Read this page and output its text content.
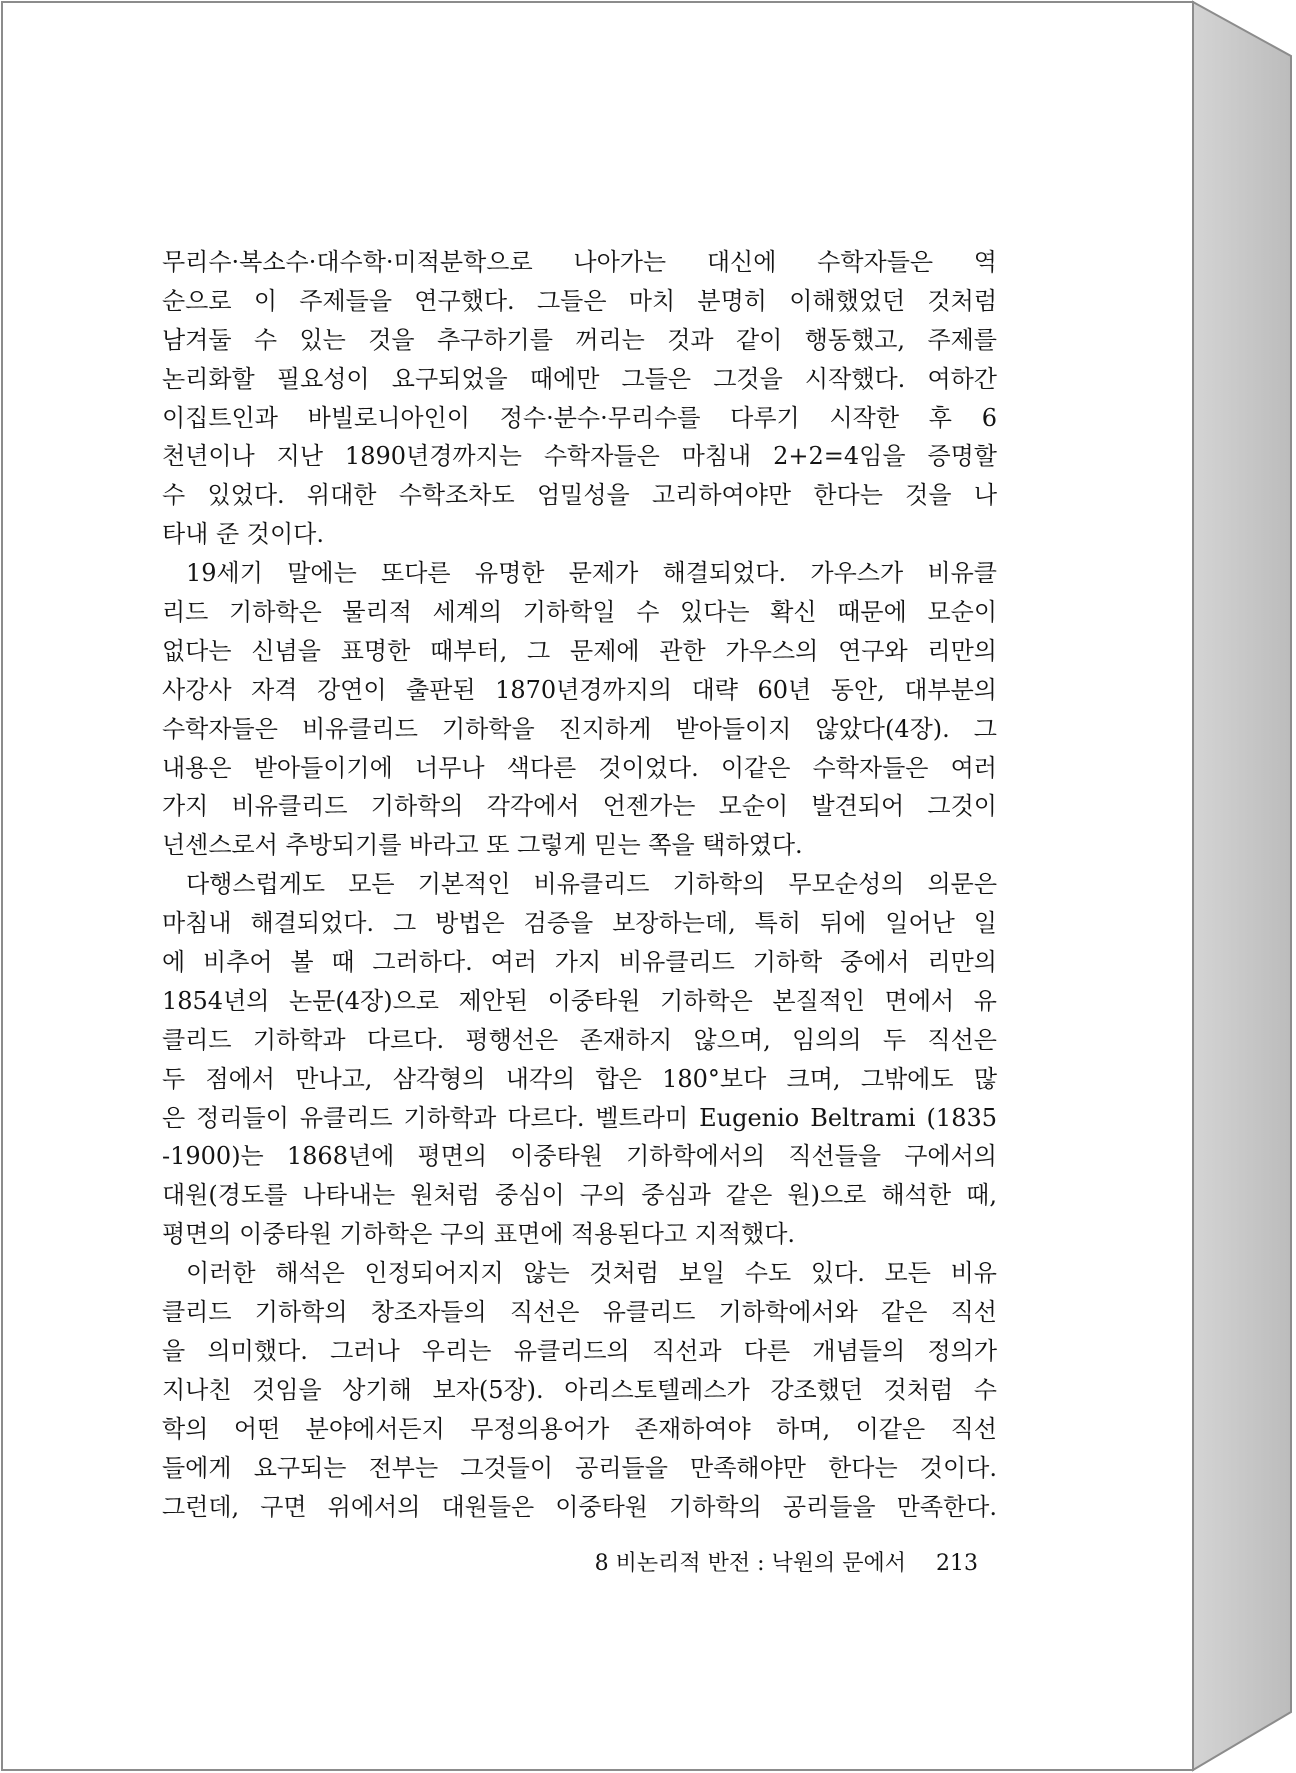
무리수·복소수·대수학·미적분학으로 나아가는 대신에 수학자들은 역
순으로 이 주제들을 연구했다. 그들은 마치 분명히 이해했었던 것처럼
남겨둘 수 있는 것을 추구하기를 꺼리는 것과 같이 행동했고, 주제를
논리화할 필요성이 요구되었을 때에만 그들은 그것을 시작했다. 여하간
이집트인과 바빌로니아인이 정수·분수·무리수를 다루기 시작한 후 6
천년이나 지난 1890년경까지는 수학자들은 마침내 2+2=4임을 증명할
수 있었다. 위대한 수학조차도 엄밀성을 고리하여야만 한다는 것을 나
타내 준 것이다.
19세기 말에는 또다른 유명한 문제가 해결되었다. 가우스가 비유클
리드 기하학은 물리적 세계의 기하학일 수 있다는 확신 때문에 모순이
없다는 신념을 표명한 때부터, 그 문제에 관한 가우스의 연구와 리만의
사강사 자격 강연이 출판된 1870년경까지의 대략 60년 동안, 대부분의
수학자들은 비유클리드 기하학을 진지하게 받아들이지 않았다(4장). 그
내용은 받아들이기에 너무나 색다른 것이었다. 이같은 수학자들은 여러
가지 비유클리드 기하학의 각각에서 언젠가는 모순이 발견되어 그것이
넌센스로서 추방되기를 바라고 또 그렇게 믿는 쪽을 택하였다.
다행스럽게도 모든 기본적인 비유클리드 기하학의 무모순성의 의문은
마침내 해결되었다. 그 방법은 검증을 보장하는데, 특히 뒤에 일어난 일
에 비추어 볼 때 그러하다. 여러 가지 비유클리드 기하학 중에서 리만의
1854년의 논문(4장)으로 제안된 이중타원 기하학은 본질적인 면에서 유
클리드 기하학과 다르다. 평행선은 존재하지 않으며, 임의의 두 직선은
두 점에서 만나고, 삼각형의 내각의 합은 180°보다 크며, 그밖에도 많
은 정리들이 유클리드 기하학과 다르다. 벨트라미 Eugenio Beltrami (1835
-1900)는 1868년에 평면의 이중타원 기하학에서의 직선들을 구에서의
대원(경도를 나타내는 원처럼 중심이 구의 중심과 같은 원)으로 해석한 때,
평면의 이중타원 기하학은 구의 표면에 적용된다고 지적했다.
이러한 해석은 인정되어지지 않는 것처럼 보일 수도 있다. 모든 비유
클리드 기하학의 창조자들의 직선은 유클리드 기하학에서와 같은 직선
을 의미했다. 그러나 우리는 유클리드의 직선과 다른 개념들의 정의가
지나친 것임을 상기해 보자(5장). 아리스토텔레스가 강조했던 것처럼 수
학의 어떤 분야에서든지 무정의용어가 존재하여야 하며, 이같은 직선
들에게 요구되는 전부는 그것들이 공리들을 만족해야만 한다는 것이다.
그런데, 구면 위에서의 대원들은 이중타원 기하학의 공리들을 만족한다.
8 비논리적 반전 : 낙원의 문에서 213
